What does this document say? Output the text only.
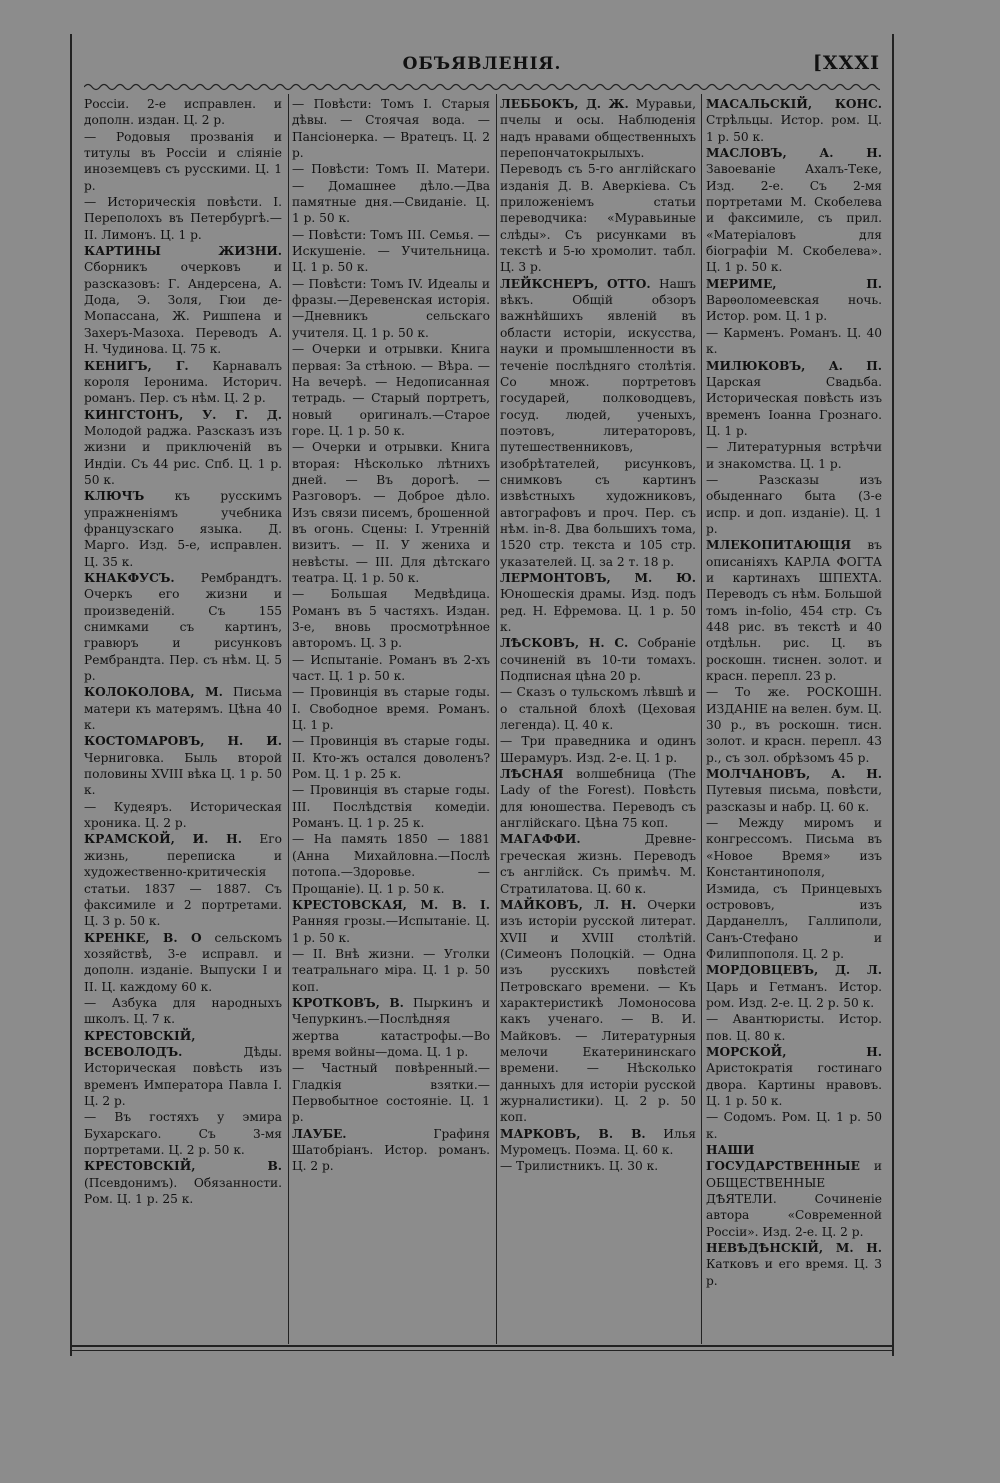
ОБЪЯВЛЕНІЯ.	[XXXI

Россіи. 2-е исправлен. и дополн. издан. Ц. 2 р.

— Родовыя прозванія и титулы въ Россіи и сліяніе иноземцевъ съ русскими. Ц. 1 р.

— Историческія повѣсти. I. Переполохъ въ Петербургѣ.—II. Лимонъ. Ц. 1 р.

КАРТИНЫ ЖИЗНИ. Сборникъ очерковъ и разсказовъ: Г. Андерсена, А. Дода, Э. Золя, Гюи де-Мопассана, Ж. Ришпена и Захеръ-Мазоха. Переводъ А. Н. Чудинова. Ц. 75 к.

КЕНИГЪ, Г. Карнавалъ короля Іеронима. Историч. романъ. Пер. съ нѣм. Ц. 2 р.

КИНГСТОНЪ, У. Г. Д. Молодой раджа. Разсказъ изъ жизни и приключеній въ Индіи. Съ 44 рис. Спб. Ц. 1 р. 50 к.

КЛЮЧЪ къ русскимъ упражненіямъ учебника французскаго языка. Д. Марго. Изд. 5-е, исправлен. Ц. 35 к.

КНАКФУСЪ. Рембрандтъ. Очеркъ его жизни и произведеній. Съ 155 снимками съ картинъ, гравюръ и рисунковъ Рембрандта. Пер. съ нѣм. Ц. 5 р.

КОЛОКОЛОВА, М. Письма матери къ матерямъ. Цѣна 40 к.

КОСТОМАРОВЪ, Н. И. Черниговка. Быль второй половины XVIII вѣка Ц. 1 р. 50 к.

— Кудеяръ. Историческая хроника. Ц. 2 р.

КРАМСКОЙ, И. Н. Его жизнь, переписка и художественно-критическія статьи. 1837 — 1887. Съ факсимиле и 2 портретами. Ц. 3 р. 50 к.

КРЕНКЕ, В. О сельскомъ хозяйствѣ, 3-е исправл. и дополн. изданіе. Выпуски I и II. Ц. каждому 60 к.

— Азбука для народныхъ школъ. Ц. 7 к.

КРЕСТОВСКІЙ, ВСЕВОЛОДЪ. Дѣды. Историческая повѣсть изъ временъ Императора Павла I. Ц. 2 р.

— Въ гостяхъ у эмира Бухарскаго. Съ 3-мя портретами. Ц. 2 р. 50 к.

КРЕСТОВСКІЙ, В. (Псевдонимъ). Обязанности. Ром. Ц. 1 р. 25 к.

— Повѣсти: Томъ I. Старыя дѣвы. — Стоячая вода. — Пансіонерка. — Вратецъ. Ц. 2 р.

— Повѣсти: Томъ II. Матери. — Домашнее дѣло.—Два памятные дня.—Свиданіе. Ц. 1 р. 50 к.

— Повѣсти: Томъ III. Семья. — Искушеніе. — Учительница. Ц. 1 р. 50 к.

— Повѣсти: Томъ IV. Идеалы и фразы.—Деревенская исторія.—Дневникъ сельскаго учителя. Ц. 1 р. 50 к.

— Очерки и отрывки. Книга первая: За стѣною. — Вѣра. — На вечерѣ. — Недописанная тетрадь. — Старый портретъ, новый оригиналъ.—Старое горе. Ц. 1 р. 50 к.

— Очерки и отрывки. Книга вторая: Нѣсколько лѣтнихъ дней. — Въ дорогѣ. — Разговоръ. — Доброе дѣло. Изъ связи писемъ, брошенной въ огонь. Сцены: I. Утренній визитъ. — II. У жениха и невѣсты. — III. Для дѣтскаго театра. Ц. 1 р. 50 к.

— Большая Медвѣдица. Романъ въ 5 частяхъ. Издан. 3-е, вновь просмотрѣнное авторомъ. Ц. 3 р.

— Испытаніе. Романъ въ 2-хъ част. Ц. 1 р. 50 к.

— Провинція въ старые годы. I. Свободное время. Романъ. Ц. 1 р.

— Провинція въ старые годы. II. Кто-жъ остался доволенъ? Ром. Ц. 1 р. 25 к.

— Провинція въ старые годы. III. Послѣдствія комедіи. Романъ. Ц. 1 р. 25 к.

— На память 1850 — 1881 (Анна Михайловна.—Послѣ потопа.—Здоровье. — Прощаніе). Ц. 1 р. 50 к.

КРЕСТОВСКАЯ, М. В. I. Ранняя грозы.—Испытаніе. Ц. 1 р. 50 к.

— II. Внѣ жизни. — Уголки театральнаго міра. Ц. 1 р. 50 коп.

КРОТКОВЪ, В. Пыркинъ и Чепуркинъ.—Послѣдняя жертва катастрофы.—Во время войны—дома. Ц. 1 р.

— Частный повѣренный.—Гладкія взятки.—Первобытное состояніе. Ц. 1 р.

ЛАУБЕ. Графиня Шатобріанъ. Истор. романъ. Ц. 2 р.

ЛЕББОКЪ, Д. Ж. Муравьи, пчелы и осы. Наблюденія надъ нравами общественныхъ перепончатокрылыхъ. Переводъ съ 5-го англійскаго изданія Д. В. Аверкіева. Съ приложеніемъ статьи переводчика: «Муравьиные слѣды». Съ рисунками въ текстѣ и 5-ю хромолит. табл. Ц. 3 р.

ЛЕЙКСНЕРЪ, ОТТО. Нашъ вѣкъ. Общій обзоръ важнѣйшихъ явленій въ области исторіи, искусства, науки и промышленности въ теченіе послѣдняго столѣтія. Со множ. портретовъ государей, полководцевъ, госуд. людей, ученыхъ, поэтовъ, литераторовъ, путешественниковъ, изобрѣтателей, рисунковъ, снимковъ съ картинъ извѣстныхъ художниковъ, автографовъ и проч. Пер. съ нѣм. in-8. Два большихъ тома, 1520 стр. текста и 105 стр. указателей. Ц. за 2 т. 18 р.

ЛЕРМОНТОВЪ, М. Ю. Юношескія драмы. Изд. подъ ред. Н. Ефремова. Ц. 1 р. 50 к.

ЛѢСКОВЪ, Н. С. Собраніе сочиненій въ 10-ти томахъ. Подписная цѣна 20 р.

— Сказъ о тульскомъ лѣвшѣ и о стальной блохѣ (Цеховая легенда). Ц. 40 к.

— Три праведника и одинъ Шерамуръ. Изд. 2-е. Ц. 1 р.

ЛѢСНАЯ волшебница (The Lady of the Forest). Повѣсть для юношества. Переводъ съ англійскаго. Цѣна 75 коп.

МАГАФФИ. Древне-греческая жизнь. Переводъ съ англійск. Съ примѣч. М. Стратилатова. Ц. 60 к.

МАЙКОВЪ, Л. Н. Очерки изъ исторіи русской литерат. XVII и XVIII столѣтій. (Симеонъ Полоцкій. — Одна изъ русскихъ повѣстей Петровскаго времени. — Къ характеристикѣ Ломоносова какъ ученаго. — В. И. Майковъ. — Литературныя мелочи Екатерининскаго времени. — Нѣсколько данныхъ для исторіи русской журналистики). Ц. 2 р. 50 коп.

МАРКОВЪ, В. В. Илья Муромецъ. Поэма. Ц. 60 к.

— Трилистникъ. Ц. 30 к.

МАСАЛЬСКІЙ, КОНС. Стрѣльцы. Истор. ром. Ц. 1 р. 50 к.

МАСЛОВЪ, А. Н. Завоеваніе Ахалъ-Теке, Изд. 2-е. Съ 2-мя портретами М. Скобелева и факсимиле, съ прил. «Матеріаловъ для біографіи М. Скобелева». Ц. 1 р. 50 к.

МЕРИМЕ, П. Варѳоломеевская ночь. Истор. ром. Ц. 1 р.

— Карменъ. Романъ. Ц. 40 к.

МИЛЮКОВЪ, А. П. Царская Свадьба. Историческая повѣсть изъ временъ Іоанна Грознаго. Ц. 1 р.

— Литературныя встрѣчи и знакомства. Ц. 1 р.

— Разсказы изъ обыденнаго быта (3-е испр. и доп. изданіе). Ц. 1 р.

МЛЕКОПИТАЮЩІЯ въ описаніяхъ КАРЛА ФОГТА и картинахъ ШПЕХТА. Переводъ съ нѣм. Большой томъ in-folio, 454 стр. Съ 448 рис. въ текстѣ и 40 отдѣльн. рис. Ц. въ роскошн. тиснен. золот. и красн. перепл. 23 р.

— То же. РОСКОШН. ИЗДАНІЕ на велен. бум. Ц. 30 р., въ роскошн. тисн. золот. и красн. перепл. 43 р., съ зол. обрѣзомъ 45 р.

МОЛЧАНОВЪ, А. Н. Путевыя письма, повѣсти, разсказы и набр. Ц. 60 к.

— Между миромъ и конгрессомъ. Письма въ «Новое Время» изъ Константинополя, Измида, съ Принцевыхъ острововъ, изъ Дарданеллъ, Галлиполи, Санъ-Стефано и Филиппополя. Ц. 2 р.

МОРДОВЦЕВЪ, Д. Л. Царь и Гетманъ. Истор. ром. Изд. 2-е. Ц. 2 р. 50 к.

— Авантюристы. Истор. пов. Ц. 80 к.

МОРСКОЙ, Н. Аристократія гостинаго двора. Картины нравовъ. Ц. 1 р. 50 к.

— Содомъ. Ром. Ц. 1 р. 50 к.

НАШИ ГОСУДАРСТВЕННЫЕ и ОБЩЕСТВЕННЫЕ ДѢЯТЕЛИ. Сочиненіе автора «Современной Россіи». Изд. 2-е. Ц. 2 р.

НЕВѢДѢНСКІЙ, М. Н. Катковъ и его время. Ц. 3 р.
